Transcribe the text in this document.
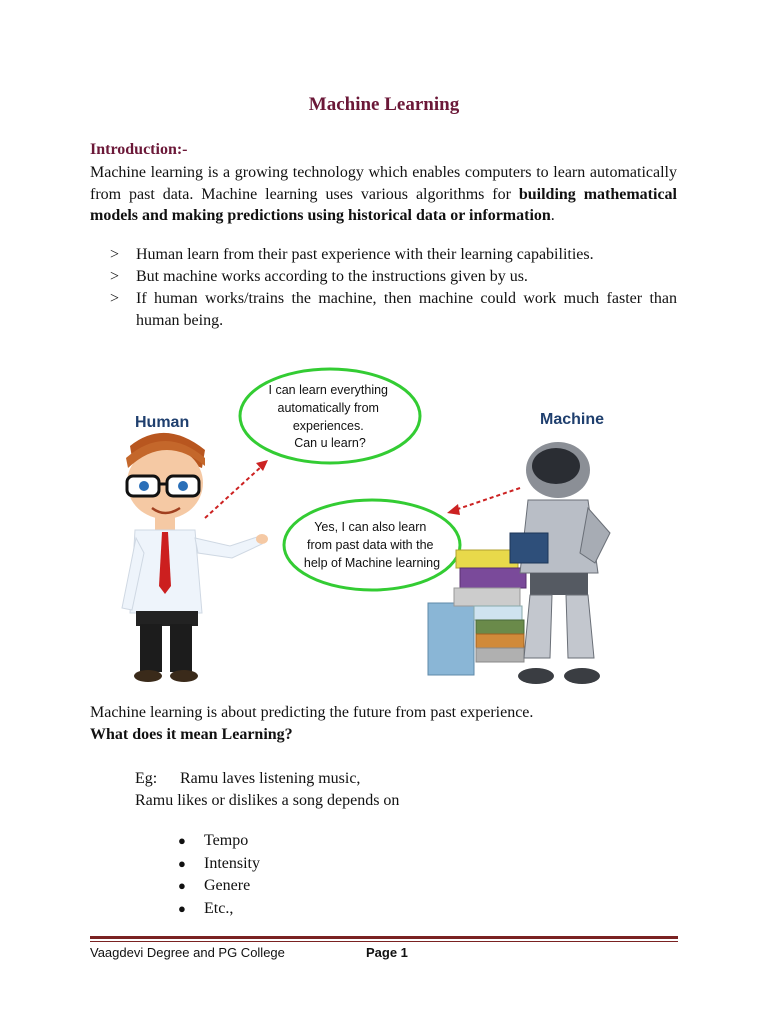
Machine Learning
Introduction:-
Machine learning is a growing technology which enables computers to learn automatically from past data. Machine learning uses various algorithms for building mathematical models and making predictions using historical data or information.
>	Human learn from their past experience with their learning capabilities.
>	But machine works according to the instructions given by us.
>	If human works/trains the machine, then machine could work much faster than human being.
Human	Machine
I can learn everything automatically from experiences. Can u learn?
Yes, I can also learn from past data with the help of Machine learning
Machine learning is about predicting the future from past experience.
What does it mean Learning?
Eg: Ramu laves listening music,
Ramu likes or dislikes a song depends on
●	Tempo
●	Intensity
●	Genere
●	Etc.,
Vaagdevi Degree and PG College	Page 1
